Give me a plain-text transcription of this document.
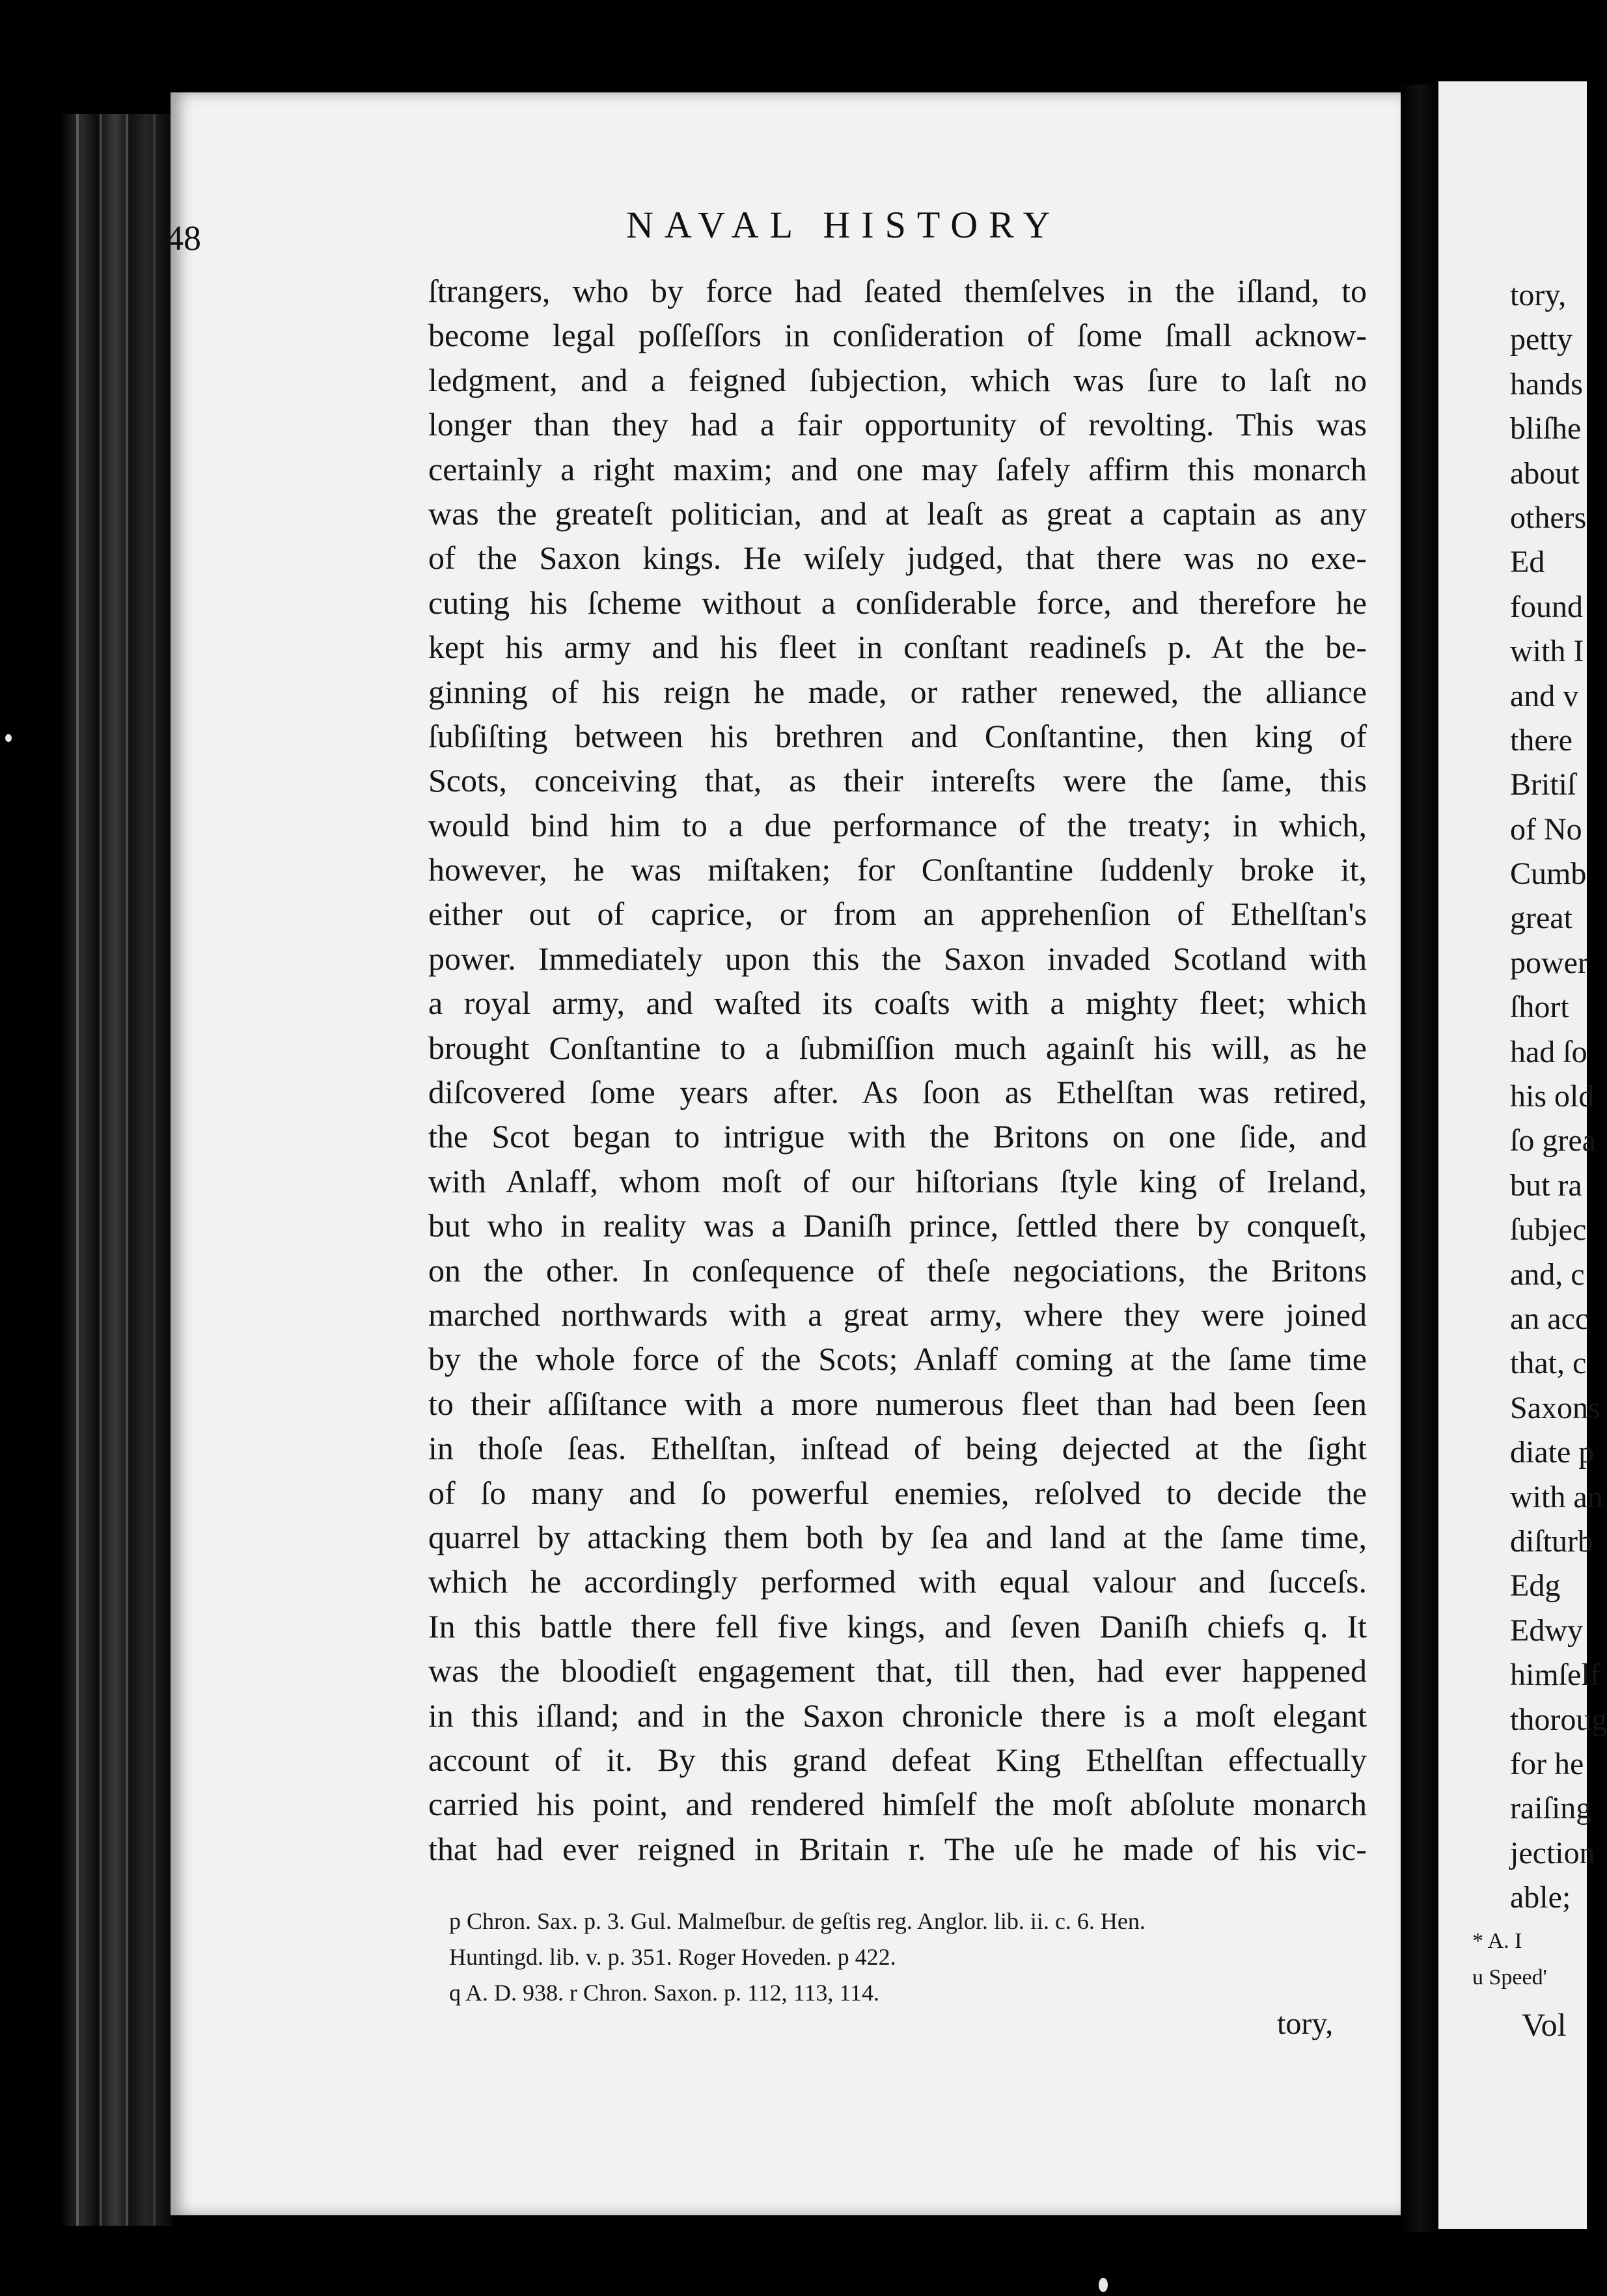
48	NAVAL HISTORY
ſtrangers, who by force had ſeated themſelves in the iſland, to
become legal poſſeſſors in conſideration of ſome ſmall acknow-
ledgment, and a feigned ſubjection, which was ſure to laſt no
longer than they had a fair opportunity of revolting. This was
certainly a right maxim; and one may ſafely affirm this monarch
was the greateſt politician, and at leaſt as great a captain as any
of the Saxon kings. He wiſely judged, that there was no exe-
cuting his ſcheme without a conſiderable force, and therefore he
kept his army and his fleet in conſtant readineſs p. At the be-
ginning of his reign he made, or rather renewed, the alliance
ſubſiſting between his brethren and Conſtantine, then king of
Scots, conceiving that, as their intereſts were the ſame, this
would bind him to a due performance of the treaty; in which,
however, he was miſtaken; for Conſtantine ſuddenly broke it,
either out of caprice, or from an apprehenſion of Ethelſtan's
power. Immediately upon this the Saxon invaded Scotland with
a royal army, and waſted its coaſts with a mighty fleet; which
brought Conſtantine to a ſubmiſſion much againſt his will, as he
diſcovered ſome years after. As ſoon as Ethelſtan was retired,
the Scot began to intrigue with the Britons on one ſide, and
with Anlaff, whom moſt of our hiſtorians ſtyle king of Ireland,
but who in reality was a Daniſh prince, ſettled there by conqueſt,
on the other. In conſequence of theſe negociations, the Britons
marched northwards with a great army, where they were joined
by the whole force of the Scots; Anlaff coming at the ſame time
to their aſſiſtance with a more numerous fleet than had been ſeen
in thoſe ſeas. Ethelſtan, inſtead of being dejected at the ſight
of ſo many and ſo powerful enemies, reſolved to decide the
quarrel by attacking them both by ſea and land at the ſame time,
which he accordingly performed with equal valour and ſucceſs.
In this battle there fell five kings, and ſeven Daniſh chiefs q. It
was the bloodieſt engagement that, till then, had ever happened
in this iſland; and in the Saxon chronicle there is a moſt elegant
account of it. By this grand defeat King Ethelſtan effectually
carried his point, and rendered himſelf the moſt abſolute monarch
that had ever reigned in Britain r. The uſe he made of his vic-
p Chron. Sax. p. 3. Gul. Malmeſbur. de geſtis reg. Anglor. lib. ii. c. 6. Hen.
Huntingd. lib. v. p. 351. Roger Hoveden. p 422.
q A. D. 938. r Chron. Saxon. p. 112, 113, 114.
tory,
tory,
petty
hands
bliſhe
about
others
Ed
found
with I
and v
there
Britiſ
of No
Cumb
great
power
ſhort
had ſo
his old
ſo grea
but ra
ſubjec
and, c
an acc
that, c
Saxons
diate p
with an
diſturb
Edg
Edwy
himſelf
thoroug
for he
raiſing
jection
able;
* A. I
u Speed'
Vol
